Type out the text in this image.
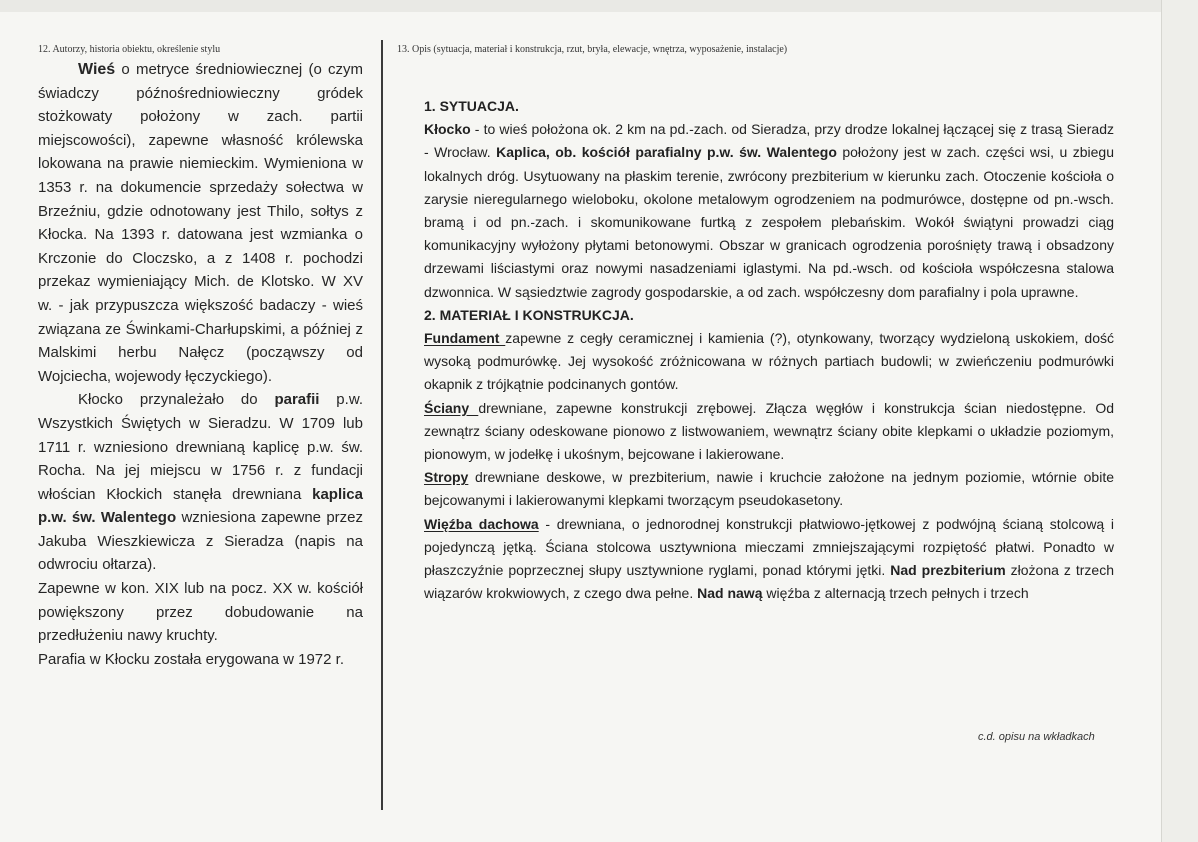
12. Autorzy, historia obiektu, określenie stylu	13. Opis (sytuacja, materiał i konstrukcja, rzut, bryła, elewacje, wnętrza, wyposażenie, instalacje)

Wieś o metryce średniowiecznej (o czym świadczy późnośredniowieczny gródek stożkowaty położony w zach. partii miejscowości), zapewne własność królewska lokowana na prawie niemieckim. Wymieniona w 1353 r. na dokumencie sprzedaży sołectwa w Brzeźniu, gdzie odnotowany jest Thilo, sołtys z Kłocka. Na 1393 r. datowana jest wzmianka o Krczonie do Cloczsko, a z 1408 r. pochodzi przekaz wymieniający Mich. de Klotsko. W XV w. - jak przypuszcza większość badaczy - wieś związana ze Świnkami-Charłupskimi, a później z Malskimi herbu Nałęcz (począwszy od Wojciecha, wojewody łęczyckiego).

Kłocko przynależało do parafii p.w. Wszystkich Świętych w Sieradzu. W 1709 lub 1711 r. wzniesiono drewnianą kaplicę p.w. św. Rocha. Na jej miejscu w 1756 r. z fundacji włościan Kłockich stanęła drewniana kaplica p.w. św. Walentego wzniesiona zapewne przez Jakuba Wieszkiewicza z Sieradza (napis na odwrociu ołtarza).

Zapewne w kon. XIX lub na pocz. XX w. kościół powiększony przez dobudowanie na przedłużeniu nawy kruchty.

Parafia w Kłocku została erygowana w 1972 r.

1. SYTUACJA.

Kłocko - to wieś położona ok. 2 km na pd.-zach. od Sieradza, przy drodze lokalnej łączącej się z trasą Sieradz - Wrocław. Kaplica, ob. kościół parafialny p.w. św. Walentego położony jest w zach. części wsi, u zbiegu lokalnych dróg. Usytuowany na płaskim terenie, zwrócony prezbiterium w kierunku zach. Otoczenie kościoła o zarysie nieregularnego wieloboku, okolone metalowym ogrodzeniem na podmurówce, dostępne od pn.-wsch. bramą i od pn.-zach. i skomunikowane furtką z zespołem plebańskim. Wokół świątyni prowadzi ciąg komunikacyjny wyłożony płytami betonowymi. Obszar w granicach ogrodzenia porośnięty trawą i obsadzony drzewami liściastymi oraz nowymi nasadzeniami iglastymi. Na pd.-wsch. od kościoła współczesna stalowa dzwonnica. W sąsiedztwie zagrody gospodarskie, a od zach. współczesny dom parafialny i pola uprawne.

2. MATERIAŁ I KONSTRUKCJA.

Fundament zapewne z cegły ceramicznej i kamienia (?), otynkowany, tworzący wydzieloną uskokiem, dość wysoką podmurówkę. Jej wysokość zróżnicowana w różnych partiach budowli; w zwieńczeniu podmurówki okapnik z trójkątnie podcinanych gontów.

Ściany drewniane, zapewne konstrukcji zrębowej. Złącza węgłów i konstrukcja ścian niedostępne. Od zewnątrz ściany odeskowane pionowo z listwowaniem, wewnątrz ściany obite klepkami o układzie poziomym, pionowym, w jodełkę i ukośnym, bejcowane i lakierowane.

Stropy drewniane deskowe, w prezbiterium, nawie i kruchcie założone na jednym poziomie, wtórnie obite bejcowanymi i lakierowanymi klepkami tworzącym pseudokasetony.

Więźba dachowa - drewniana, o jednorodnej konstrukcji płatwiowo-jętkowej z podwójną ścianą stolcową i pojedynczą jętką. Ściana stolcowa usztywniona mieczami zmniejszającymi rozpiętość płatwi. Ponadto w płaszczyźnie poprzecznej słupy usztywnione ryglami, ponad którymi jętki. Nad prezbiterium złożona z trzech wiązarów krokwiowych, z czego dwa pełne. Nad nawą więźba z alternacją trzech pełnych i trzech

c.d. opisu na wkładkach
